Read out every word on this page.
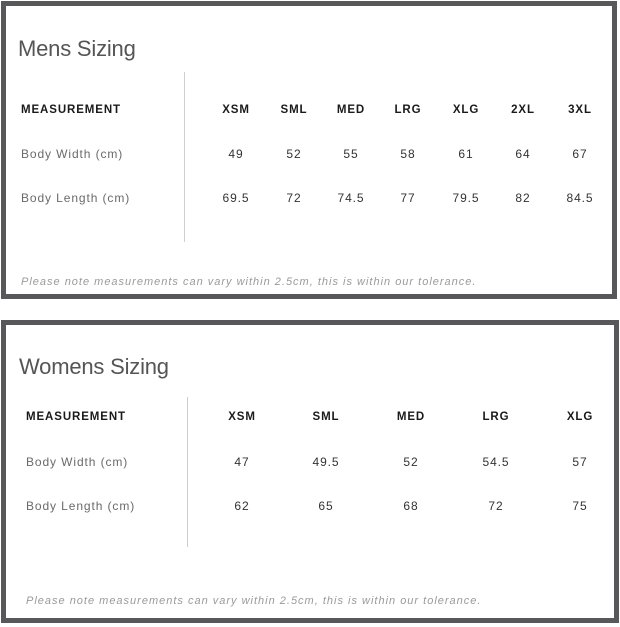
Mens Sizing
MEASUREMENT	XSM	SML	MED	LRG	XLG	2XL	3XL
Body Width (cm)	49	52	55	58	61	64	67
Body Length (cm)	69.5	72	74.5	77	79.5	82	84.5
Please note measurements can vary within 2.5cm, this is within our tolerance.
Womens Sizing
MEASUREMENT	XSM	SML	MED	LRG	XLG
Body Width (cm)	47	49.5	52	54.5	57
Body Length (cm)	62	65	68	72	75
Please note measurements can vary within 2.5cm, this is within our tolerance.
